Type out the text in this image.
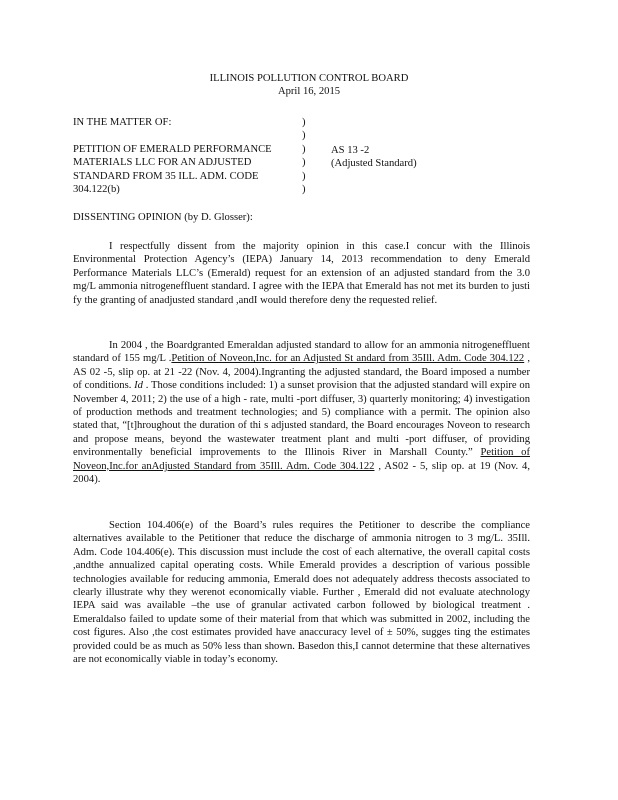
ILLINOIS POLLUTION CONTROL BOARD
April 16, 2015
IN THE MATTER OF:
PETITION OF EMERALD PERFORMANCE
MATERIALS LLC FOR AN ADJUSTED
STANDARD FROM 35 ILL. ADM. CODE
304.122(b)
)
)
)
)
)
)
AS 13 -2
(Adjusted Standard)
DISSENTING OPINION (by D. Glosser):
I respectfully dissent from the majority opinion in this case.I concur with the Illinois Environmental Protection Agency’s (IEPA) January 14, 2013 recommendation to deny Emerald Performance Materials LLC’s (Emerald) request for an extension of an adjusted standard from the 3.0 mg/L ammonia nitrogeneffluent standard. I agree with the IEPA that Emerald has not met its burden to justi fy the granting of anadjusted standard ,andI would therefore deny the requested relief.
In 2004 , the Boardgranted Emeraldan adjusted standard to allow for an ammonia nitrogeneffluent standard of 155 mg/L .Petition of Noveon,Inc. for an Adjusted St andard from 35Ill. Adm. Code 304.122 , AS 02 -5, slip op. at 21 -22 (Nov. 4, 2004).Ingranting the adjusted standard, the Board imposed a number of conditions. Id . Those conditions included: 1) a sunset provision that the adjusted standard will expire on November 4, 2011; 2) the use of a high - rate, multi -port diffuser, 3) quarterly monitoring; 4) investigation of production methods and treatment technologies; and 5) compliance with a permit. The opinion also stated that, “[t]hroughout the duration of thi s adjusted standard, the Board encourages Noveon to research and propose means, beyond the wastewater treatment plant and multi -port diffuser, of providing environmentally beneficial improvements to the Illinois River in Marshall County.” Petition of Noveon,Inc.for anAdjusted Standard from 35Ill. Adm. Code 304.122 , AS02 - 5, slip op. at 19 (Nov. 4, 2004).
Section 104.406(e) of the Board’s rules requires the Petitioner to describe the compliance alternatives available to the Petitioner that reduce the discharge of ammonia nitrogen to 3 mg/L. 35Ill. Adm. Code 104.406(e). This discussion must include the cost of each alternative, the overall capital costs ,andthe annualized capital operating costs. While Emerald provides a description of various possible technologies available for reducing ammonia, Emerald does not adequately address thecosts associated to clearly illustrate why they werenot economically viable. Further , Emerald did not evaluate atechnology IEPA said was available –the use of granular activated carbon followed by biological treatment . Emeraldalso failed to update some of their material from that which was submitted in 2002, including the cost figures. Also ,the cost estimates provided have anaccuracy level of ± 50%, sugges ting the estimates provided could be as much as 50% less than shown. Basedon this,I cannot determine that these alternatives are not economically viable in today’s economy.
